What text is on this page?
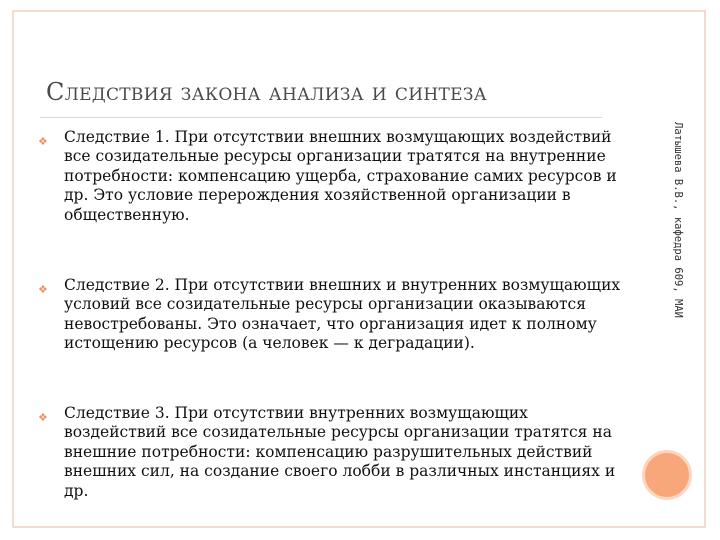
Следствия закона анализа и синтеза
❖	Следствие 1. При отсутствии внешних возмущающих воздействий все созидательные ресурсы организации тратятся на внутренние потребности: компенсацию ущерба, страхование самих ресурсов и др. Это условие перерождения хозяйственной организации в общественную.
❖	Следствие 2. При отсутствии внешних и внутренних возмущающих условий все созидательные ресурсы организации оказываются невостребованы. Это означает, что организация идет к полному истощению ресурсов (а человек — к деградации).
❖	Следствие 3. При отсутствии внутренних возмущающих воздействий все созидательные ресурсы организации тратятся на внешние потребности: компенсацию разрушительных действий внешних сил, на создание своего лобби в различных инстанциях и др.
Латышева В.В., кафедра 609, МАИ
